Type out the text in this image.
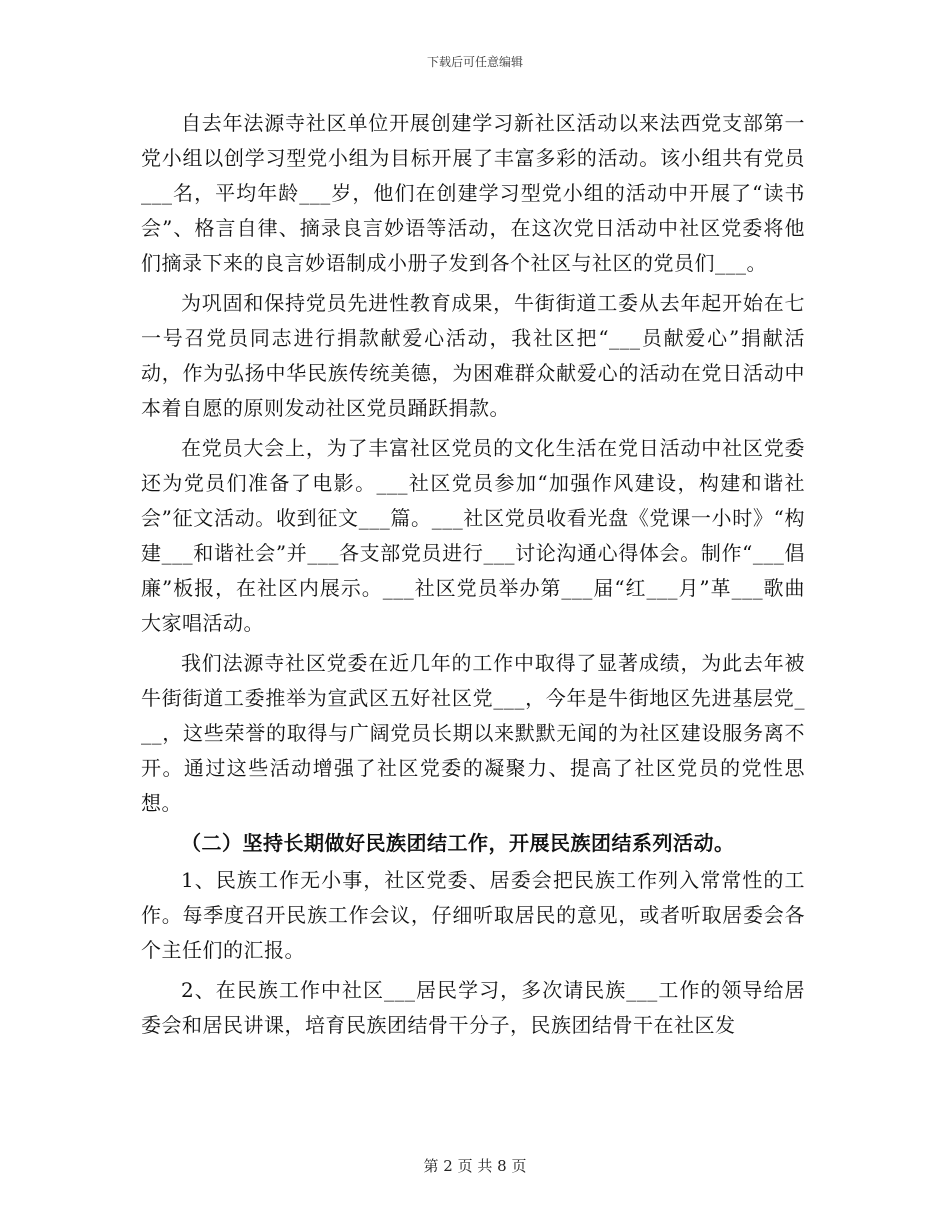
下载后可任意编辑

自去年法源寺社区单位开展创建学习新社区活动以来法西党支部第一党小组以创学习型党小组为目标开展了丰富多彩的活动。该小组共有党员___名，平均年龄___岁，他们在创建学习型党小组的活动中开展了“读书会”、格言自律、摘录良言妙语等活动，在这次党日活动中社区党委将他们摘录下来的良言妙语制成小册子发到各个社区与社区的党员们___。

为巩固和保持党员先进性教育成果，牛街街道工委从去年起开始在七一号召党员同志进行捐款献爱心活动，我社区把“___员献爱心”捐献活动，作为弘扬中华民族传统美德，为困难群众献爱心的活动在党日活动中本着自愿的原则发动社区党员踊跃捐款。

在党员大会上，为了丰富社区党员的文化生活在党日活动中社区党委还为党员们准备了电影。___社区党员参加“加强作风建设，构建和谐社会”征文活动。收到征文___篇。___社区党员收看光盘《党课一小时》“构建___和谐社会”并___各支部党员进行___讨论沟通心得体会。制作“___倡廉”板报，在社区内展示。___社区党员举办第___届“红___月”革___歌曲大家唱活动。

我们法源寺社区党委在近几年的工作中取得了显著成绩，为此去年被牛街街道工委推举为宣武区五好社区党___，今年是牛街地区先进基层党___，这些荣誉的取得与广阔党员长期以来默默无闻的为社区建设服务离不开。通过这些活动增强了社区党委的凝聚力、提高了社区党员的党性思想。

（二）坚持长期做好民族团结工作，开展民族团结系列活动。

1、民族工作无小事，社区党委、居委会把民族工作列入常常性的工作。每季度召开民族工作会议，仔细听取居民的意见，或者听取居委会各个主任们的汇报。

2、在民族工作中社区___居民学习，多次请民族___工作的领导给居委会和居民讲课，培育民族团结骨干分子，民族团结骨干在社区发

第 2 页 共 8 页
